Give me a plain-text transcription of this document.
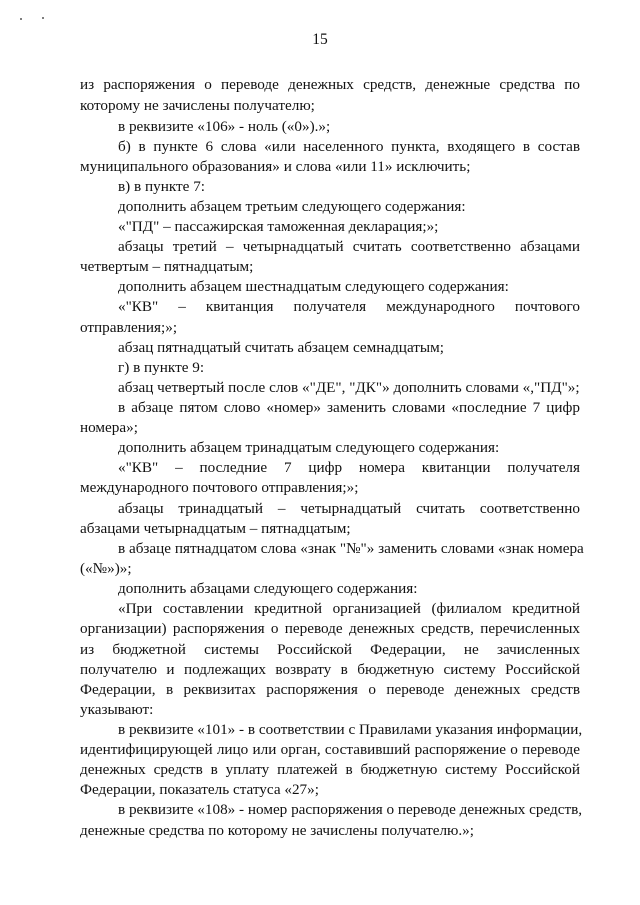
15
из распоряжения о переводе денежных средств, денежные средства по
которому не зачислены получателю;
в реквизите «106» - ноль («0»).»;
б) в пункте 6 слова «или населенного пункта, входящего в состав
муниципального образования» и слова «или 11» исключить;
в) в пункте 7:
дополнить абзацем третьим следующего содержания:
«"ПД" – пассажирская таможенная декларация;»;
абзацы третий – четырнадцатый считать соответственно абзацами
четвертым – пятнадцатым;
дополнить абзацем шестнадцатым следующего содержания:
«"КВ" – квитанция получателя международного почтового
отправления;»;
абзац пятнадцатый считать абзацем семнадцатым;
г) в пункте 9:
абзац четвертый после слов «"ДЕ", "ДК"» дополнить словами «,"ПД"»;
в абзаце пятом слово «номер» заменить словами «последние 7 цифр
номера»;
дополнить абзацем тринадцатым следующего содержания:
«"КВ" – последние 7 цифр номера квитанции получателя
международного почтового отправления;»;
абзацы тринадцатый – четырнадцатый считать соответственно
абзацами четырнадцатым – пятнадцатым;
в абзаце пятнадцатом слова «знак "№"» заменить словами «знак номера
(«№»)»;
дополнить абзацами следующего содержания:
«При составлении кредитной организацией (филиалом кредитной
организации) распоряжения о переводе денежных средств, перечисленных
из бюджетной системы Российской Федерации, не зачисленных
получателю и подлежащих возврату в бюджетную систему Российской
Федерации, в реквизитах распоряжения о переводе денежных средств
указывают:
в реквизите «101» - в соответствии с Правилами указания информации,
идентифицирующей лицо или орган, составивший распоряжение о переводе
денежных средств в уплату платежей в бюджетную систему Российской
Федерации, показатель статуса «27»;
в реквизите «108» - номер распоряжения о переводе денежных средств,
денежные средства по которому не зачислены получателю.»;
